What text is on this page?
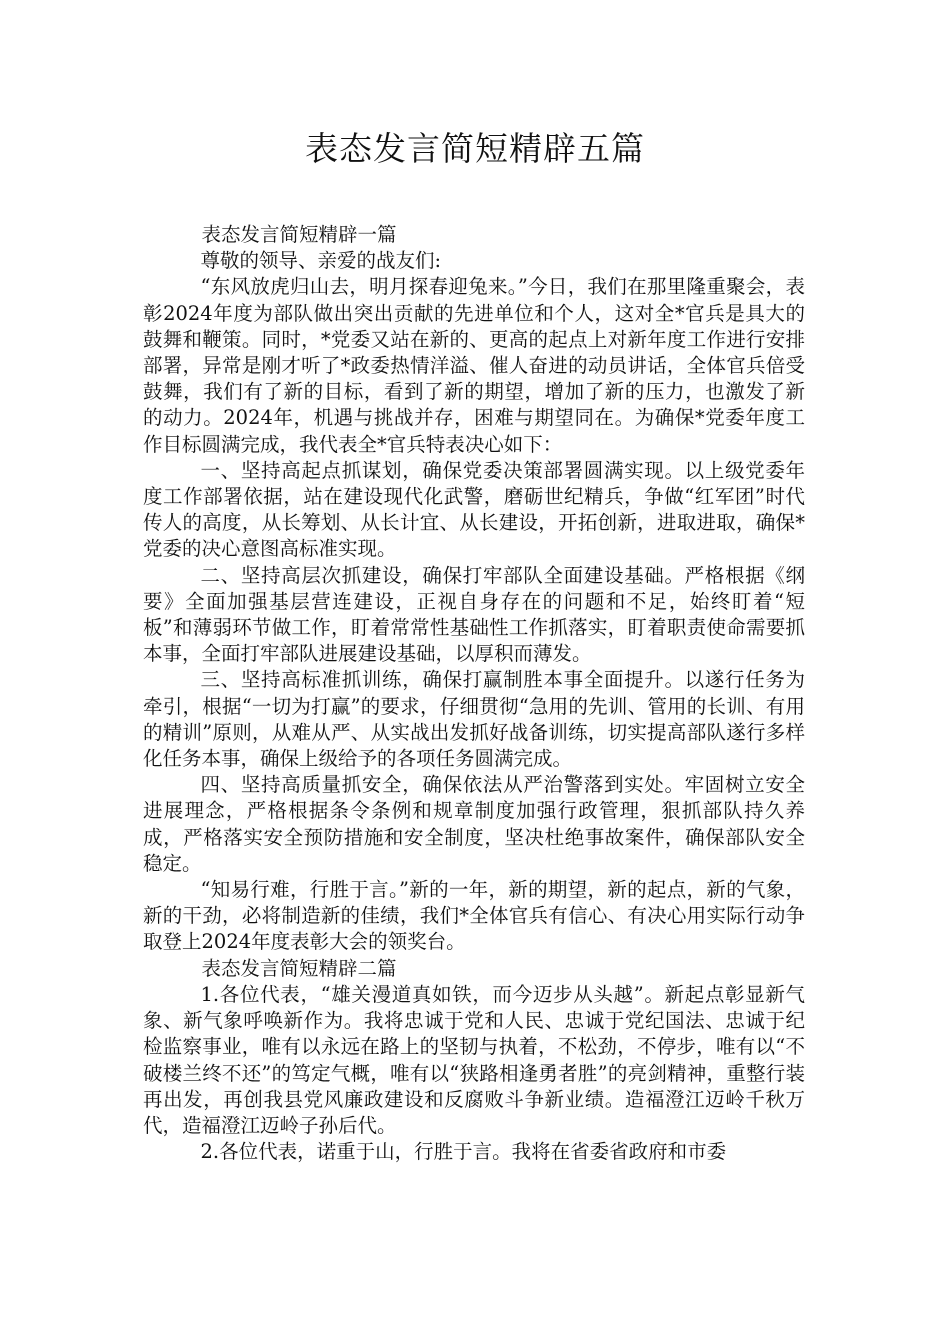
表态发言简短精辟五篇

表态发言简短精辟一篇

尊敬的领导、亲爱的战友们:

“东风放虎归山去，明月探春迎兔来。”今日，我们在那里隆重聚会，表彰2024年度为部队做出突出贡献的先进单位和个人，这对全*官兵是具大的鼓舞和鞭策。同时，*党委又站在新的、更高的起点上对新年度工作进行安排部署，异常是刚才听了*政委热情洋溢、催人奋进的动员讲话，全体官兵倍受鼓舞，我们有了新的目标，看到了新的期望，增加了新的压力，也激发了新的动力。2024年，机遇与挑战并存，困难与期望同在。为确保*党委年度工作目标圆满完成，我代表全*官兵特表决心如下：

一、坚持高起点抓谋划，确保党委决策部署圆满实现。以上级党委年度工作部署依据，站在建设现代化武警，磨砺世纪精兵，争做“红军团”时代传人的高度，从长筹划、从长计宜、从长建设，开拓创新，进取进取，确保*党委的决心意图高标准实现。

二、坚持高层次抓建设，确保打牢部队全面建设基础。严格根据《纲要》全面加强基层营连建设，正视自身存在的问题和不足，始终盯着“短板”和薄弱环节做工作，盯着常常性基础性工作抓落实，盯着职责使命需要抓本事，全面打牢部队进展建设基础，以厚积而薄发。

三、坚持高标准抓训练，确保打赢制胜本事全面提升。以遂行任务为牵引，根据“一切为打赢”的要求，仔细贯彻“急用的先训、管用的长训、有用的精训”原则，从难从严、从实战出发抓好战备训练，切实提高部队遂行多样化任务本事，确保上级给予的各项任务圆满完成。

四、坚持高质量抓安全，确保依法从严治警落到实处。牢固树立安全进展理念，严格根据条令条例和规章制度加强行政管理，狠抓部队持久养成，严格落实安全预防措施和安全制度，坚决杜绝事故案件，确保部队安全稳定。

“知易行难，行胜于言。”新的一年，新的期望，新的起点，新的气象，新的干劲，必将制造新的佳绩，我们*全体官兵有信心、有决心用实际行动争取登上2024年度表彰大会的领奖台。

表态发言简短精辟二篇

1.各位代表，“雄关漫道真如铁，而今迈步从头越”。新起点彰显新气象、新气象呼唤新作为。我将忠诚于党和人民、忠诚于党纪国法、忠诚于纪检监察事业，唯有以永远在路上的坚韧与执着，不松劲，不停步，唯有以“不破楼兰终不还”的笃定气概，唯有以“狭路相逢勇者胜”的亮剑精神，重整行装再出发，再创我县党风廉政建设和反腐败斗争新业绩。造福澄江迈岭千秋万代，造福澄江迈岭子孙后代。

2.各位代表，诺重于山，行胜于言。我将在省委省政府和市委
